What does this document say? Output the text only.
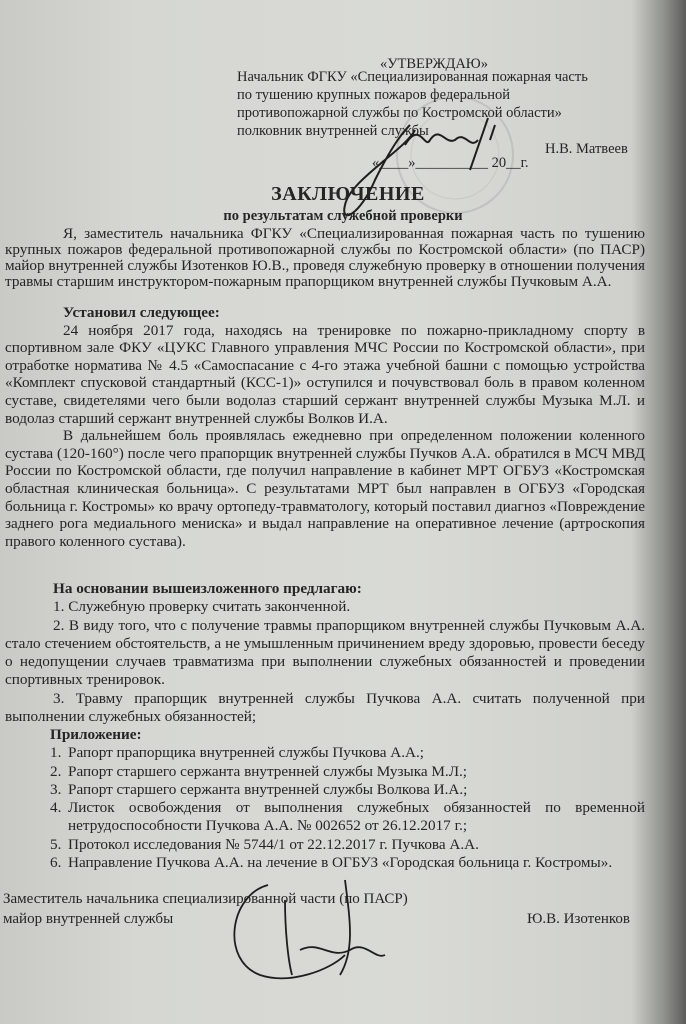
«УТВЕРЖДАЮ»
Начальник ФГКУ «Специализированная пожарная часть
по тушению крупных пожаров федеральной
противопожарной службы по Костромской области»
полковник внутренней службы
Н.В. Матвеев
«____»__________ 20__г.
ЗАКЛЮЧЕНИЕ
по результатам служебной проверки
Я, заместитель начальника ФГКУ «Специализированная пожарная часть по тушению крупных пожаров федеральной противопожарной службы по Костромской области» (по ПАСР) майор внутренней службы Изотенков Ю.В., проведя служебную проверку в отношении получения травмы старшим инструктором-пожарным прапорщиком внутренней службы Пучковым А.А.
Установил следующее:
24 ноября 2017 года, находясь на тренировке по пожарно-прикладному спорту в спортивном зале ФКУ «ЦУКС Главного управления МЧС России по Костромской области», при отработке норматива № 4.5 «Самоспасание с 4-го этажа учебной башни с помощью устройства «Комплект спусковой стандартный (КСС-1)» оступился и почувствовал боль в правом коленном суставе, свидетелями чего были водолаз старший сержант внутренней службы Музыка М.Л. и водолаз старший сержант внутренней службы Волков И.А.
В дальнейшем боль проявлялась ежедневно при определенном положении коленного сустава (120-160°) после чего прапорщик внутренней службы Пучков А.А. обратился в МСЧ МВД России по Костромской области, где получил направление в кабинет МРТ ОГБУЗ «Костромская областная клиническая больница». С результатами МРТ был направлен в ОГБУЗ «Городская больница г. Костромы» ко врачу ортопеду-травматологу, который поставил диагноз «Повреждение заднего рога медиального мениска» и выдал направление на оперативное лечение (артроскопия правого коленного сустава).
На основании вышеизложенного предлагаю:
1. Служебную проверку считать законченной.
2. В виду того, что с получение травмы прапорщиком внутренней службы Пучковым А.А. стало стечением обстоятельств, а не умышленным причинением вреду здоровью, провести беседу о недопущении случаев травматизма при выполнении служебных обязанностей и проведении спортивных тренировок.
3. Травму прапорщик внутренней службы Пучкова А.А. считать полученной при выполнении служебных обязанностей;
Приложение:
1. Рапорт прапорщика внутренней службы Пучкова А.А.;
2. Рапорт старшего сержанта внутренней службы Музыка М.Л.;
3. Рапорт старшего сержанта внутренней службы Волкова И.А.;
4. Листок освобождения от выполнения служебных обязанностей по временной нетрудоспособности Пучкова А.А. № 002652 от 26.12.2017 г.;
5. Протокол исследования № 5744/1 от 22.12.2017 г. Пучкова А.А.
6. Направление Пучкова А.А. на лечение в ОГБУЗ «Городская больница г. Костромы».
Заместитель начальника специализированной части (по ПАСР)
майор внутренней службы	Ю.В. Изотенков
